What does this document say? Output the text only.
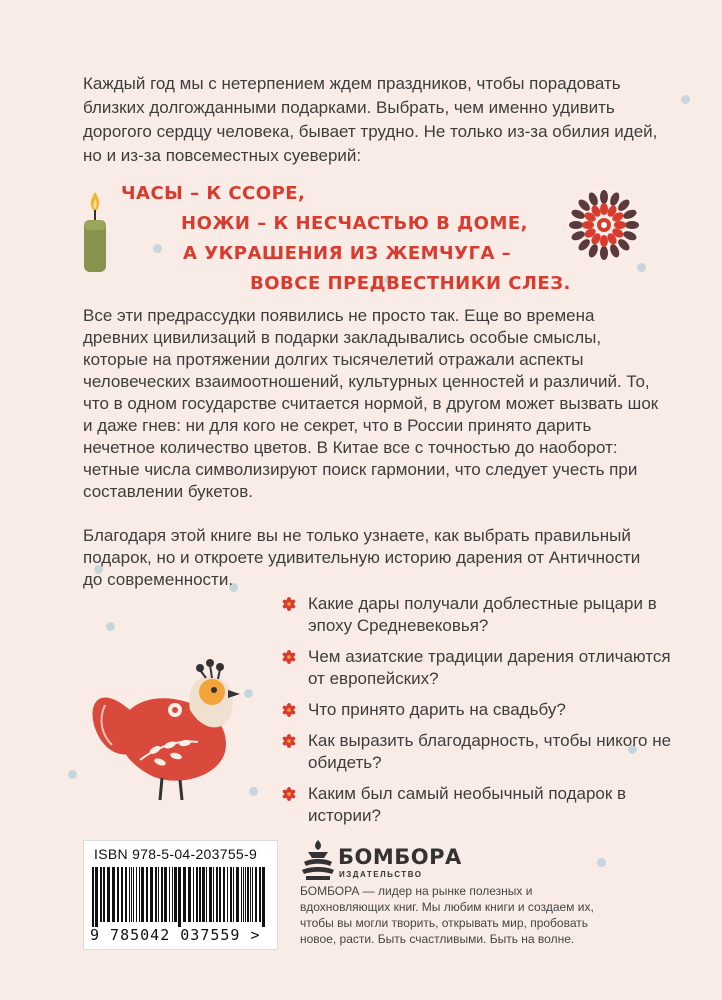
Каждый год мы с нетерпением ждем праздников, чтобы порадовать близких долгожданными подарками. Выбрать, чем именно удивить дорогого сердцу человека, бывает трудно. Не только из-за обилия идей, но и из-за повсеместных суеверий:

ЧАСЫ – К ССОРЕ,
НОЖИ – К НЕСЧАСТЬЮ В ДОМЕ,
А УКРАШЕНИЯ ИЗ ЖЕМЧУГА –
ВОВСЕ ПРЕДВЕСТНИКИ СЛЕЗ.

Все эти предрассудки появились не просто так. Еще во времена древних цивилизаций в подарки закладывались особые смыслы, которые на протяжении долгих тысячелетий отражали аспекты человеческих взаимоотношений, культурных ценностей и различий. То, что в одном государстве считается нормой, в другом может вызвать шок и даже гнев: ни для кого не секрет, что в России принято дарить нечетное количество цветов. В Китае все с точностью до наоборот: четные числа символизируют поиск гармонии, что следует учесть при составлении букетов.

Благодаря этой книге вы не только узнаете, как выбрать правильный подарок, но и откроете удивительную историю дарения от Античности до современности.

Какие дары получали доблестные рыцари в эпоху Средневековья?
Чем азиатские традиции дарения отличаются от европейских?
Что принято дарить на свадьбу?
Как выразить благодарность, чтобы никого не обидеть?
Каким был самый необычный подарок в истории?
ISBN 978-5-04-203755-9
9 785042 037559 >
БОМБОРА
ИЗДАТЕЛЬСТВО

БОМБОРА — лидер на рынке полезных и вдохновляющих книг. Мы любим книги и создаем их, чтобы вы могли творить, открывать мир, пробовать новое, расти. Быть счастливыми. Быть на волне.
